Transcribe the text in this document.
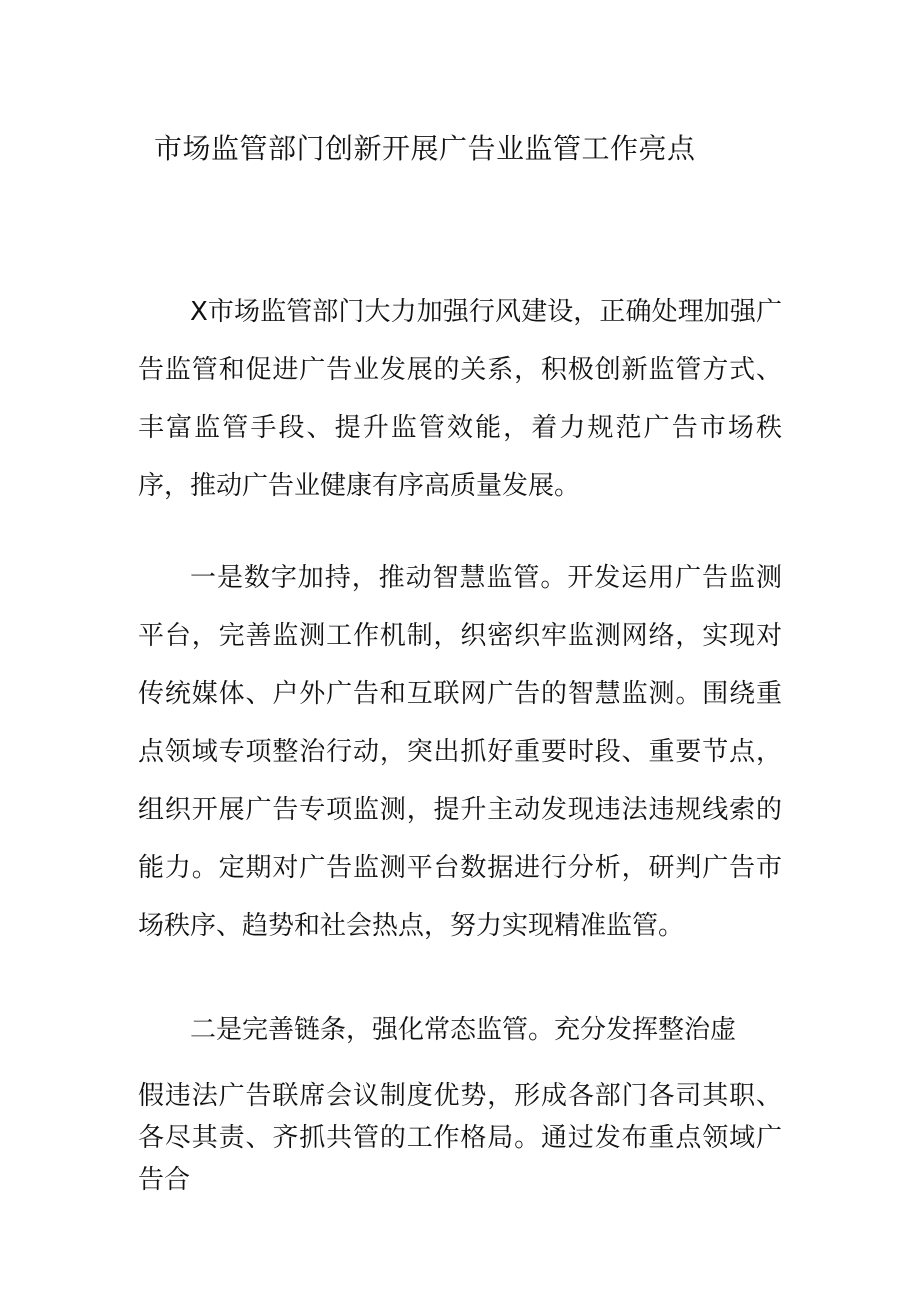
市场监管部门创新开展广告业监管工作亮点

X市场监管部门大力加强行风建设，正确处理加强广告监管和促进广告业发展的关系，积极创新监管方式、丰富监管手段、提升监管效能，着力规范广告市场秩序，推动广告业健康有序高质量发展。

一是数字加持，推动智慧监管。开发运用广告监测平台，完善监测工作机制，织密织牢监测网络，实现对传统媒体、户外广告和互联网广告的智慧监测。围绕重点领域专项整治行动，突出抓好重要时段、重要节点，组织开展广告专项监测，提升主动发现违法违规线索的能力。定期对广告监测平台数据进行分析，研判广告市场秩序、趋势和社会热点，努力实现精准监管。

二是完善链条，强化常态监管。充分发挥整治虚

假违法广告联席会议制度优势，形成各部门各司其职、各尽其责、齐抓共管的工作格局。通过发布重点领域广告合
